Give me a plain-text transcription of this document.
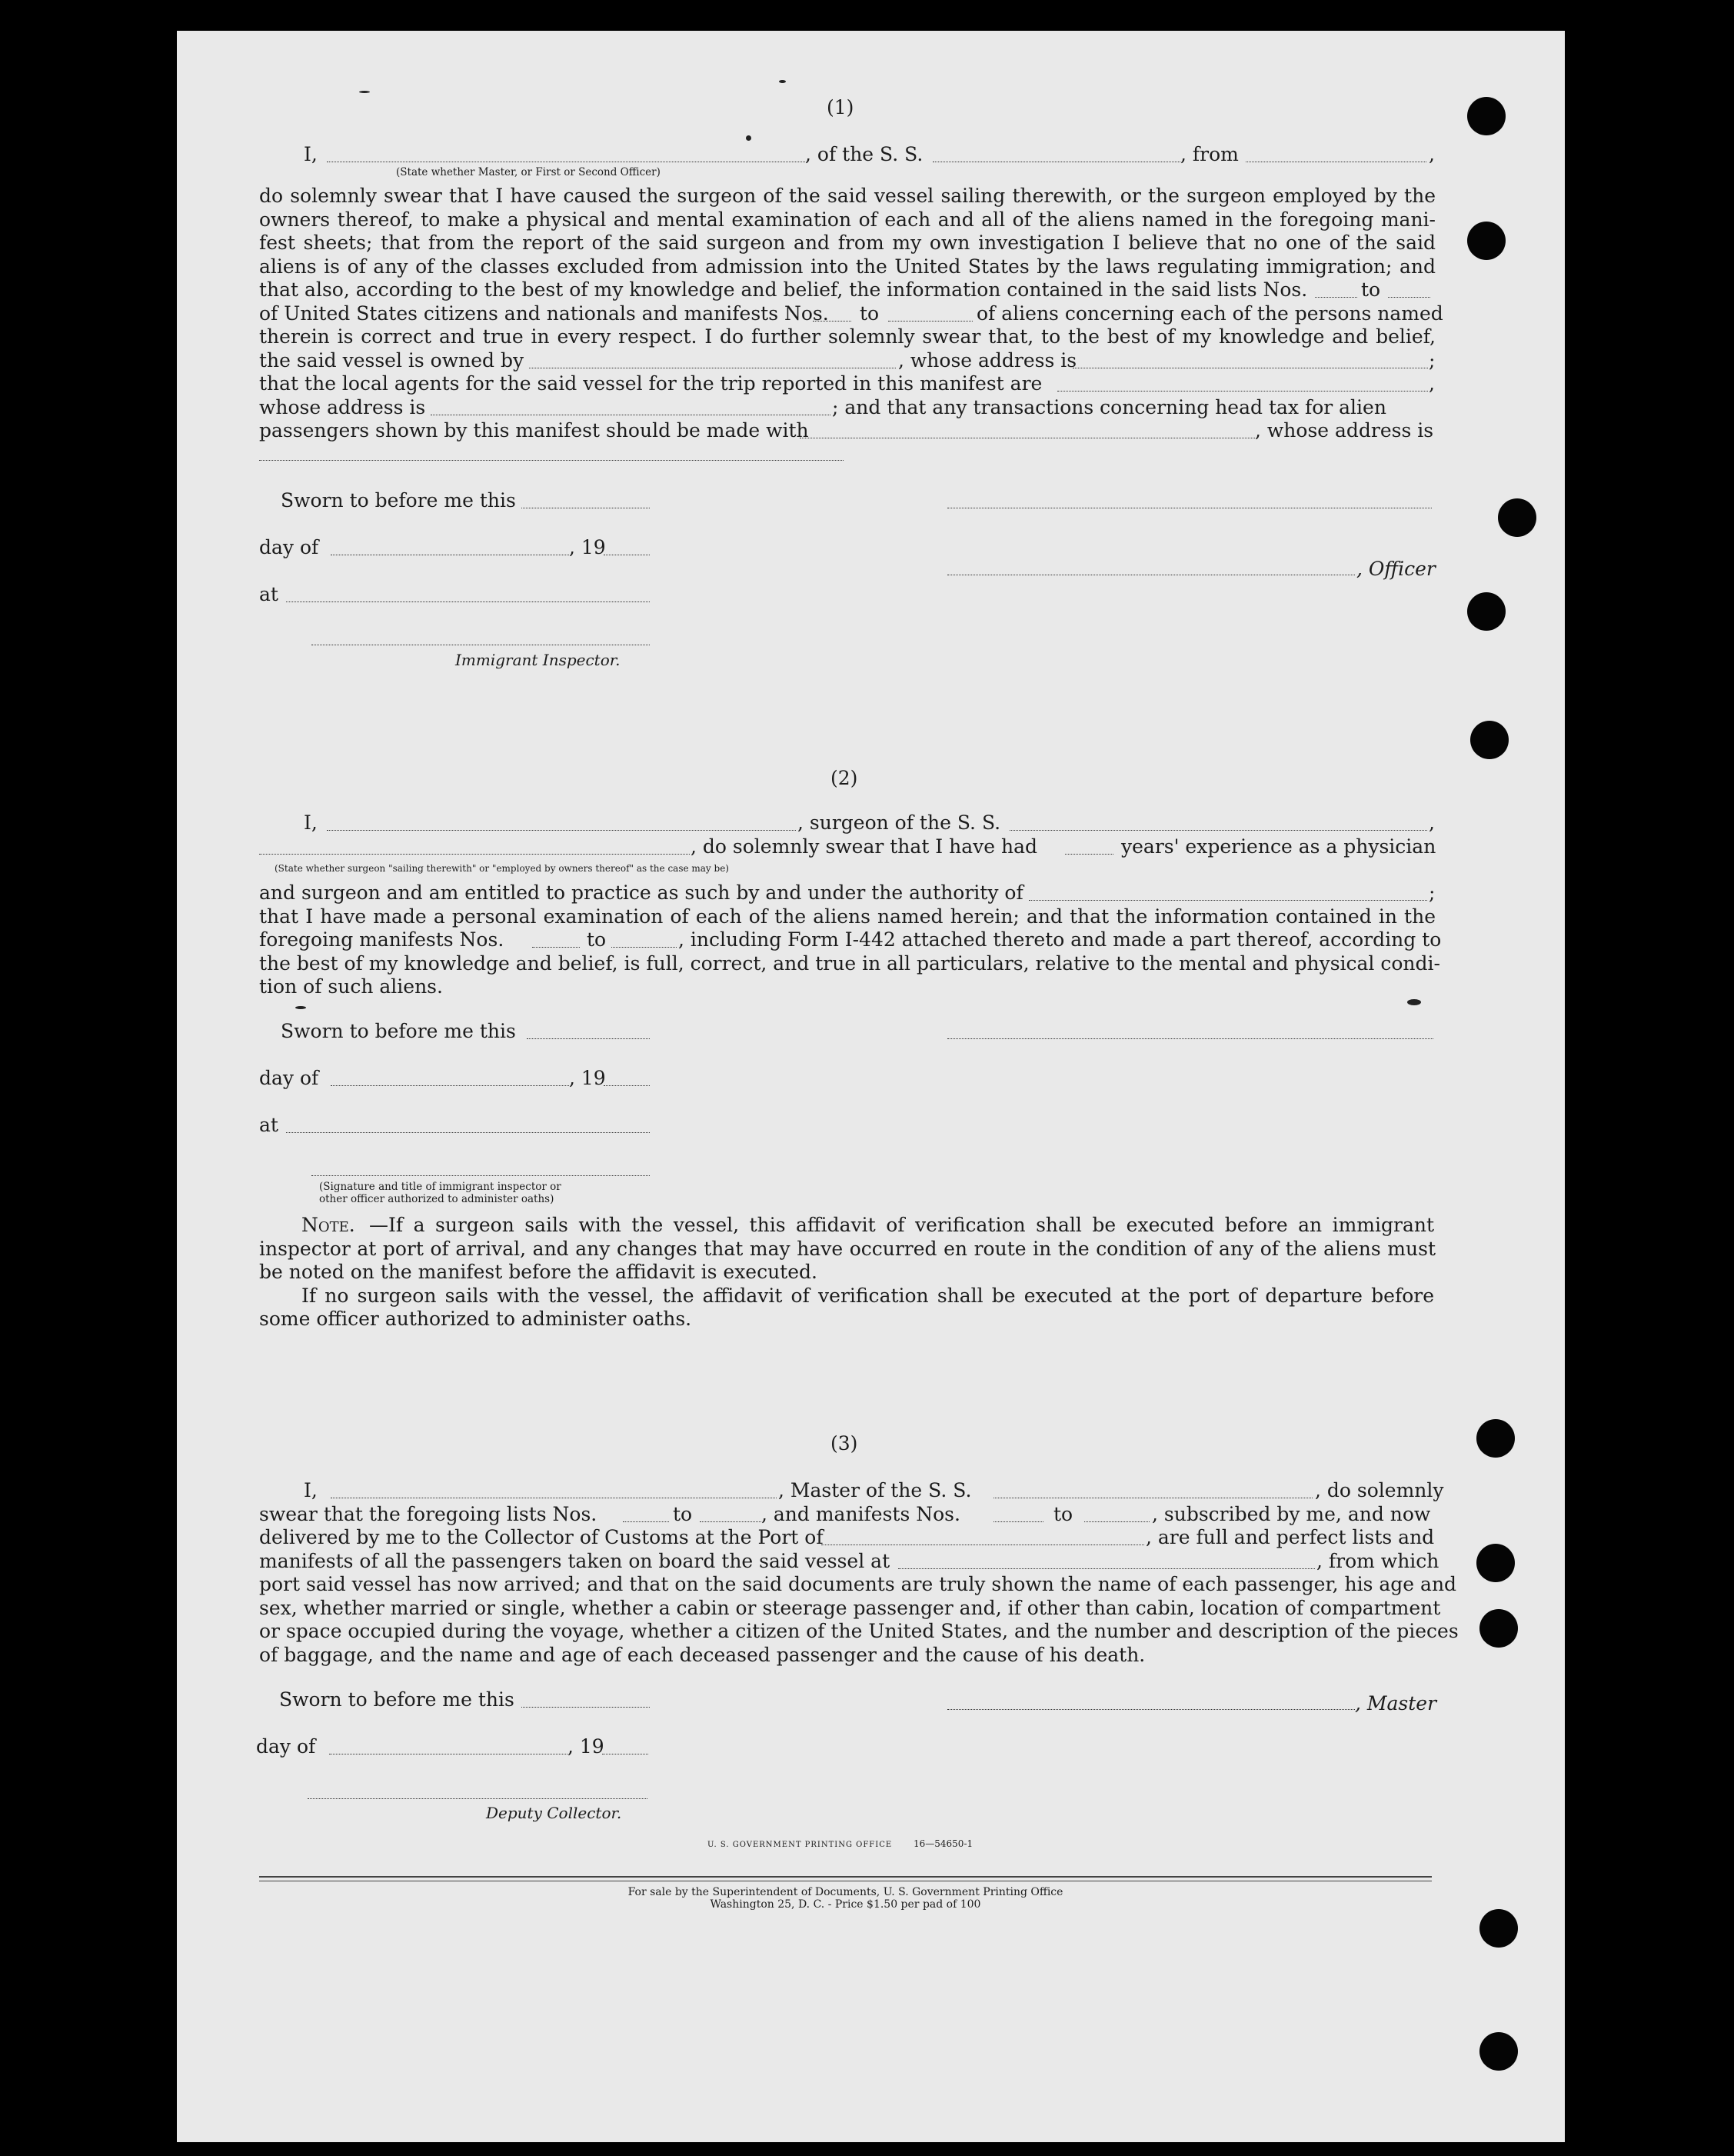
(1)
I,	, of the S. S.	, from	,
(State whether Master, or First or Second Officer)
do solemnly swear that I have caused the surgeon of the said vessel sailing therewith, or the surgeon employed by the
owners thereof, to make a physical and mental examination of each and all of the aliens named in the foregoing mani-
fest sheets; that from the report of the said surgeon and from my own investigation I believe that no one of the said
aliens is of any of the classes excluded from admission into the United States by the laws regulating immigration; and
that also, according to the best of my knowledge and belief, the information contained in the said lists Nos.	to
of United States citizens and nationals and manifests Nos. to	of aliens concerning each of the persons named
therein is correct and true in every respect. I do further solemnly swear that, to the best of my knowledge and belief,
the said vessel is owned by	, whose address is	;
that the local agents for the said vessel for the trip reported in this manifest are	,
whose address is	; and that any transactions concerning head tax for alien
passengers shown by this manifest should be made with	, whose address is
Sworn to before me this
day of	, 19
, Officer
at
Immigrant Inspector.
(2)
I,	, surgeon of the S. S.	,
, do solemnly swear that I have had	years' experience as a physician
(State whether surgeon "sailing therewith" or "employed by owners thereof" as the case may be)
and surgeon and am entitled to practice as such by and under the authority of	;
that I have made a personal examination of each of the aliens named herein; and that the information contained in the
foregoing manifests Nos.	to	, including Form I-442 attached thereto and made a part thereof, according to
the best of my knowledge and belief, is full, correct, and true in all particulars, relative to the mental and physical condi-
tion of such aliens.
Sworn to before me this
day of	, 19
at
(Signature and title of immigrant inspector or
other officer authorized to administer oaths)
Note. —If a surgeon sails with the vessel, this affidavit of verification shall be executed before an immigrant
inspector at port of arrival, and any changes that may have occurred en route in the condition of any of the aliens must
be noted on the manifest before the affidavit is executed.
If no surgeon sails with the vessel, the affidavit of verification shall be executed at the port of departure before
some officer authorized to administer oaths.
(3)
I,	, Master of the S. S.	, do solemnly
swear that the foregoing lists Nos.	to	, and manifests Nos.	to	, subscribed by me, and now
delivered by me to the Collector of Customs at the Port of	, are full and perfect lists and
manifests of all the passengers taken on board the said vessel at	, from which
port said vessel has now arrived; and that on the said documents are truly shown the name of each passenger, his age and
sex, whether married or single, whether a cabin or steerage passenger and, if other than cabin, location of compartment
or space occupied during the voyage, whether a citizen of the United States, and the number and description of the pieces
of baggage, and the name and age of each deceased passenger and the cause of his death.
Sworn to before me this	, Master
day of	, 19
Deputy Collector.
U. S. GOVERNMENT PRINTING OFFICE 16—54650-1
For sale by the Superintendent of Documents, U. S. Government Printing Office
Washington 25, D. C. - Price $1.50 per pad of 100
